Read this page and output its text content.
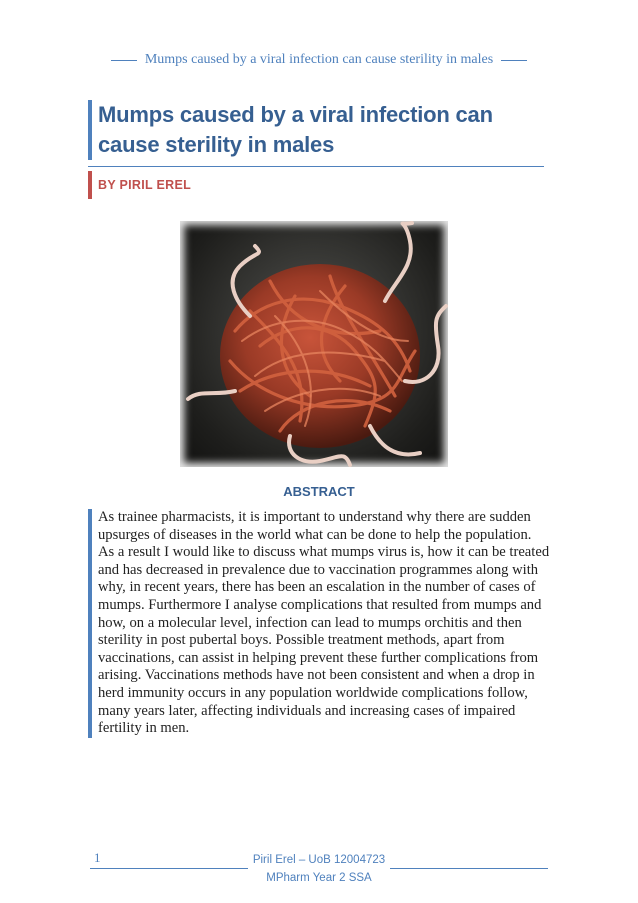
Mumps caused by a viral infection can cause sterility in males
Mumps caused by a viral infection can cause sterility in males
BY PIRIL EREL
ABSTRACT

As trainee pharmacists, it is important to understand why there are sudden upsurges of diseases in the world what can be done to help the population. As a result I would like to discuss what mumps virus is, how it can be treated and has decreased in prevalence due to vaccination programmes along with why, in recent years, there has been an escalation in the number of cases of mumps. Furthermore I analyse complications that resulted from mumps and how, on a molecular level, infection can lead to mumps orchitis and then sterility in post pubertal boys. Possible treatment methods, apart from vaccinations, can assist in helping prevent these further complications from arising. Vaccinations methods have not been consistent and when a drop in herd immunity occurs in any population worldwide complications follow, many years later, affecting individuals and increasing cases of impaired fertility in men.

1	Piril Erel – UoB 12004723
MPharm Year 2 SSA
